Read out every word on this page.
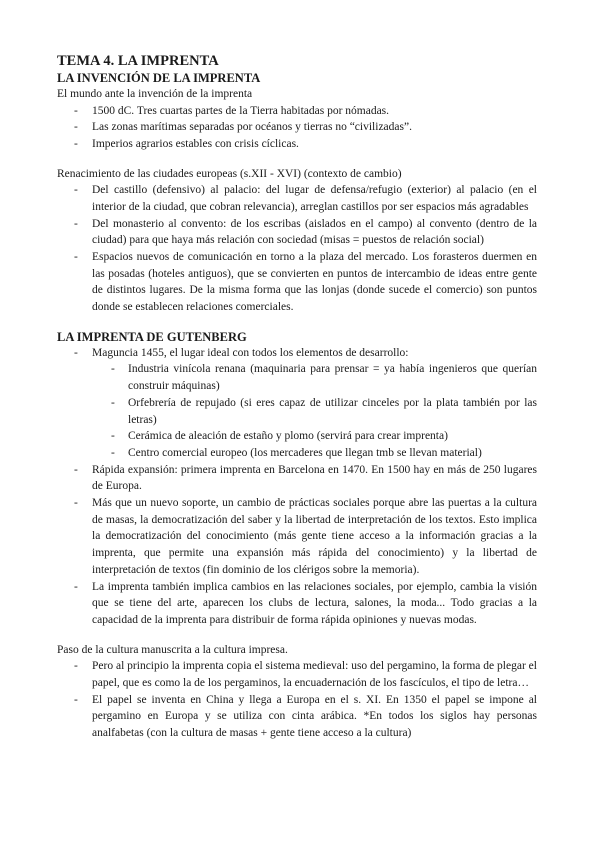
TEMA 4. LA IMPRENTA
LA INVENCIÓN DE LA IMPRENTA

El mundo ante la invención de la imprenta

- 1500 dC. Tres cuartas partes de la Tierra habitadas por nómadas.
- Las zonas marítimas separadas por océanos y tierras no “civilizadas”.
- Imperios agrarios estables con crisis cíclicas.

Renacimiento de las ciudades europeas (s.XII - XVI) (contexto de cambio)

- Del castillo (defensivo) al palacio: del lugar de defensa/refugio (exterior) al palacio (en el interior de la ciudad, que cobran relevancia), arreglan castillos por ser espacios más agradables
- Del monasterio al convento: de los escribas (aislados en el campo) al convento (dentro de la ciudad) para que haya más relación con sociedad (misas = puestos de relación social)
- Espacios nuevos de comunicación en torno a la plaza del mercado. Los forasteros duermen en las posadas (hoteles antiguos), que se convierten en puntos de intercambio de ideas entre gente de distintos lugares. De la misma forma que las lonjas (donde sucede el comercio) son puntos donde se establecen relaciones comerciales.
LA IMPRENTA DE GUTENBERG
- Maguncia 1455, el lugar ideal con todos los elementos de desarrollo:
- Industria vinícola renana (maquinaria para prensar = ya había ingenieros que querían construir máquinas)
- Orfebrería de repujado (si eres capaz de utilizar cinceles por la plata también por las letras)
- Cerámica de aleación de estaño y plomo (servirá para crear imprenta)
- Centro comercial europeo (los mercaderes que llegan tmb se llevan material)
- Rápida expansión: primera imprenta en Barcelona en 1470. En 1500 hay en más de 250 lugares de Europa.
- Más que un nuevo soporte, un cambio de prácticas sociales porque abre las puertas a la cultura de masas, la democratización del saber y la libertad de interpretación de los textos. Esto implica la democratización del conocimiento (más gente tiene acceso a la información gracias a la imprenta, que permite una expansión más rápida del conocimiento) y la libertad de interpretación de textos (fin dominio de los clérigos sobre la memoria).
- La imprenta también implica cambios en las relaciones sociales, por ejemplo, cambia la visión que se tiene del arte, aparecen los clubs de lectura, salones, la moda... Todo gracias a la capacidad de la imprenta para distribuir de forma rápida opiniones y nuevas modas.

Paso de la cultura manuscrita a la cultura impresa.

- Pero al principio la imprenta copia el sistema medieval: uso del pergamino, la forma de plegar el papel, que es como la de los pergaminos, la encuadernación de los fascículos, el tipo de letra…
- El papel se inventa en China y llega a Europa en el s. XI. En 1350 el papel se impone al pergamino en Europa y se utiliza con cinta arábica. *En todos los siglos hay personas analfabetas (con la cultura de masas + gente tiene acceso a la cultura)
